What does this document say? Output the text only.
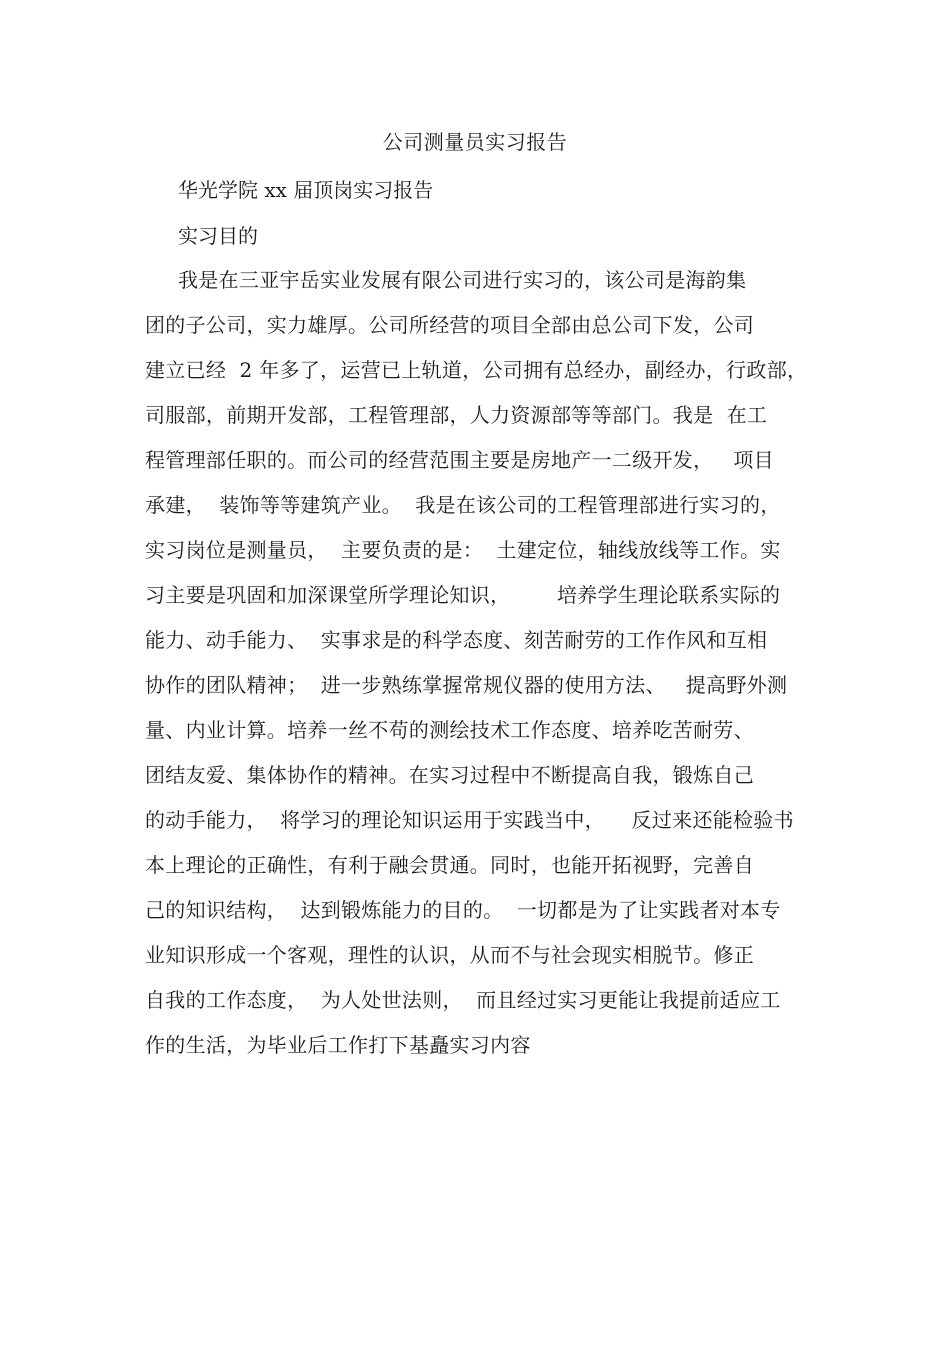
公司测量员实习报告
华光学院 xx 届顶岗实习报告
实习目的
我是在三亚宇岳实业发展有限公司进行实习的，该公司是海韵集
团的子公司，实力雄厚。公司所经营的项目全部由总公司下发，公司
建立已经  2 年多了，运营已上轨道，公司拥有总经办，副经办，行政部，
司服部，前期开发部，工程管理部，人力资源部等等部门。我是  在工
程管理部任职的。而公司的经营范围主要是房地产一二级开发，   项目
承建，  装饰等等建筑产业。  我是在该公司的工程管理部进行实习的，
实习岗位是测量员，  主要负责的是：  土建定位，轴线放线等工作。实
习主要是巩固和加深课堂所学理论知识，       培养学生理论联系实际的
能力、动手能力、  实事求是的科学态度、刻苦耐劳的工作作风和互相
协作的团队精神；  进一步熟练掌握常规仪器的使用方法、   提高野外测
量、内业计算。培养一丝不苟的测绘技术工作态度、培养吃苦耐劳、
团结友爱、集体协作的精神。在实习过程中不断提高自我，锻炼自己
的动手能力，  将学习的理论知识运用于实践当中，    反过来还能检验书
本上理论的正确性，有利于融会贯通。同时，也能开拓视野，完善自
己的知识结构，  达到锻炼能力的目的。  一切都是为了让实践者对本专
业知识形成一个客观，理性的认识，从而不与社会现实相脱节。修正
自我的工作态度，  为人处世法则，  而且经过实习更能让我提前适应工
作的生活，为毕业后工作打下基矗实习内容
